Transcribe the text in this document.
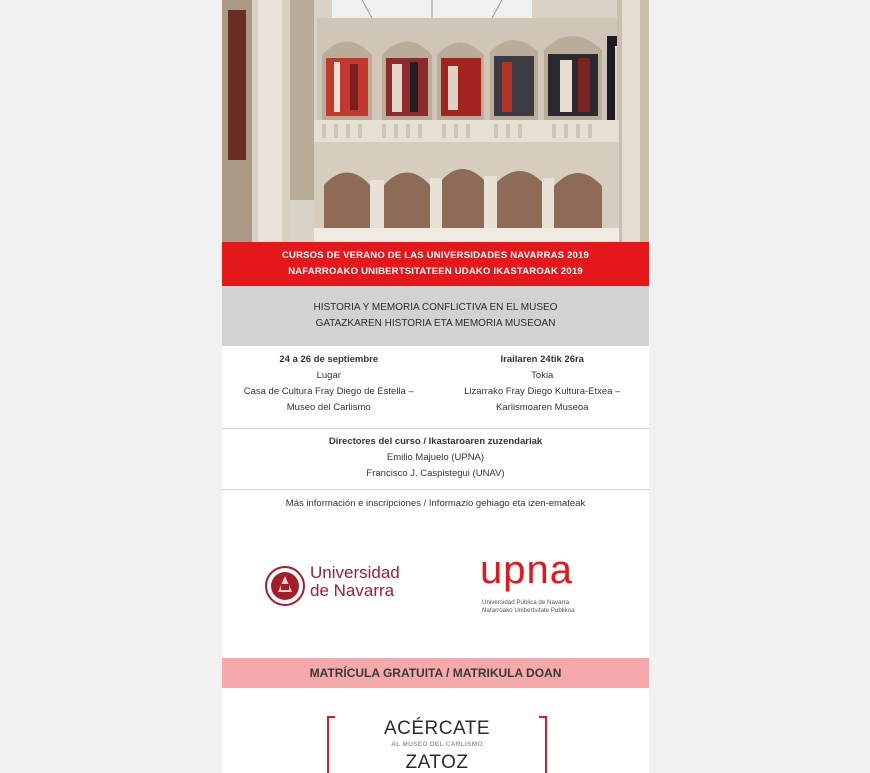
CURSOS DE VERANO DE LAS UNIVERSIDADES NAVARRAS 2019
NAFARROAKO UNIBERTSITATEEN UDAKO IKASTAROAK 2019
HISTORIA Y MEMORIA CONFLICTIVA EN EL MUSEO
GATAZKAREN HISTORIA ETA MEMORIA MUSEOAN
24 a 26 de septiembre
Lugar
Casa de Cultura Fray Diego de Estella –
Museo del Carlismo
Irailaren 24tik 26ra
Tokia
Lizarrako Fray Diego Kultura-Etxea –
Karlismoaren Museoa
Directores del curso / Ikastaroaren zuzendariak
Emilio Majuelo (UPNA)
Francisco J. Caspistegui (UNAV)
Más información e inscripciones / Informazio gehiago eta izen-emateak
Universidad
de Navarra upna
Universidad Pública de Navarra
Nafarroako Unibertsitate Publikoa
MATRÍCULA GRATUITA / MATRIKULA DOAN
ACÉRCATE
AL MUSEO DEL CARLISMO
ZATOZ
